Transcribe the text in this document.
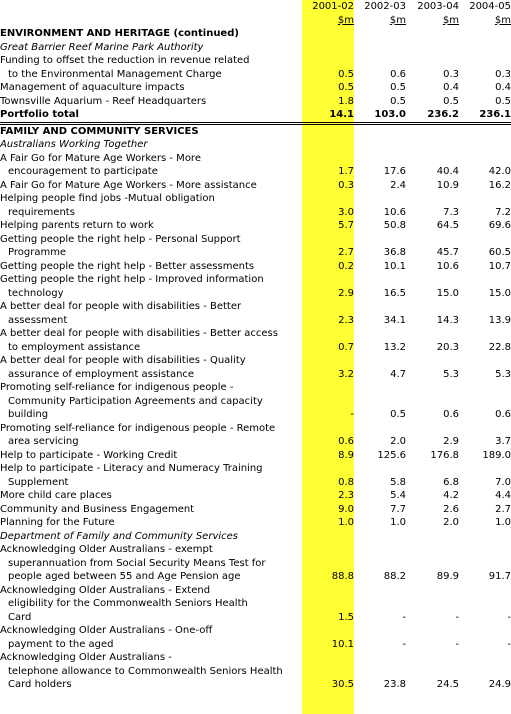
	2001-02	2002-03	2003-04	2004-05
	$m	$m	$m	$m
ENVIRONMENT AND HERITAGE (continued)				
Great Barrier Reef Marine Park Authority				
Funding to offset the reduction in revenue related
to the Environmental Management Charge	0.5	0.6	0.3	0.3
Management of aquaculture impacts	0.5	0.5	0.4	0.4
Townsville Aquarium - Reef Headquarters	1.8	0.5	0.5	0.5
Portfolio total	14.1	103.0	236.2	236.1
FAMILY AND COMMUNITY SERVICES				
Australians Working Together				
A Fair Go for Mature Age Workers - More
encouragement to participate	1.7	17.6	40.4	42.0
A Fair Go for Mature Age Workers - More assistance	0.3	2.4	10.9	16.2
Helping people find jobs -Mutual obligation
requirements	3.0	10.6	7.3	7.2
Helping parents return to work	5.7	50.8	64.5	69.6
Getting people the right help - Personal Support
Programme	2.7	36.8	45.7	60.5
Getting people the right help - Better assessments	0.2	10.1	10.6	10.7
Getting people the right help - Improved information
technology	2.9	16.5	15.0	15.0
A better deal for people with disabilities - Better
assessment	2.3	34.1	14.3	13.9
A better deal for people with disabilities - Better access
to employment assistance	0.7	13.2	20.3	22.8
A better deal for people with disabilities - Quality
assurance of employment assistance	3.2	4.7	5.3	5.3
Promoting self-reliance for indigenous people -
Community Participation Agreements and capacity
building	-	0.5	0.6	0.6
Promoting self-reliance for indigenous people - Remote
area servicing	0.6	2.0	2.9	3.7
Help to participate - Working Credit	8.9	125.6	176.8	189.0
Help to participate - Literacy and Numeracy Training
Supplement	0.8	5.8	6.8	7.0
More child care places	2.3	5.4	4.2	4.4
Community and Business Engagement	9.0	7.7	2.6	2.7
Planning for the Future	1.0	1.0	2.0	1.0
Department of Family and Community Services				
Acknowledging Older Australians - exempt
superannuation from Social Security Means Test for
people aged between 55 and Age Pension age	88.8	88.2	89.9	91.7
Acknowledging Older Australians - Extend
eligibility for the Commonwealth Seniors Health
Card	1.5	-	-	-
Acknowledging Older Australians - One-off
payment to the aged	10.1	-	-	-
Acknowledging Older Australians -
telephone allowance to Commonwealth Seniors Health
Card holders	30.5	23.8	24.5	24.9
